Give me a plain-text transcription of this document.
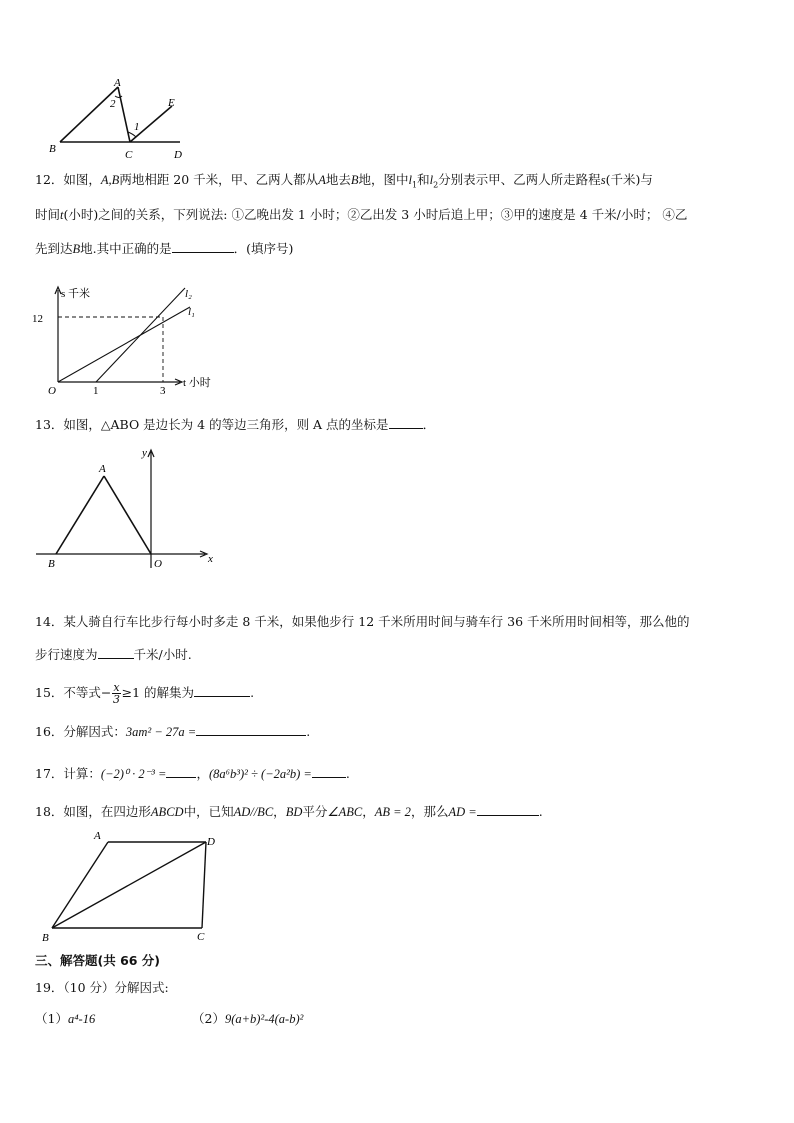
A
2
1
E
B	C	D
12．如图，A,B两地相距 20 千米，甲、乙两人都从A地去B地，图中$l_1$和$l_2$分别表示甲、乙两人所走路程s(千米)与
时间t(小时)之间的关系，下列说法: ①乙晚出发 1 小时；②乙出发 3 小时后追上甲；③甲的速度是 4 千米/小时； ④乙
先到达B地.其中正确的是	．(填序号)
12
s 千米
O	1	3
t 小时
l₂
l₁
13．如图，△ABO 是边长为 4 的等边三角形，则 A 点的坐标是	．
A
B	O	x
y
14．某人骑自行车比步行每小时多走 8 千米，如果他步行 12 千米所用时间与骑车行 36 千米所用时间相等，那么他的
步行速度为	千米/小时.
15．不等式− $\frac{x}{3} \ge 1$ 的解集为	.
16．分解因式：3am² − 27a =	.
17．计算：(−2)⁰ · 2⁻³ = ，(8a⁶b³)² ÷ (−2a²b) =	.
18．如图，在四边形ABCD中，已知AD//BC，BD平分∠ABC，AB = 2，那么AD =	.
A	D
B	C
三、解答题(共 66 分)
19．（10 分）分解因式:
（1）a⁴-16	（2）9(a+b)²-4(a-b)²
